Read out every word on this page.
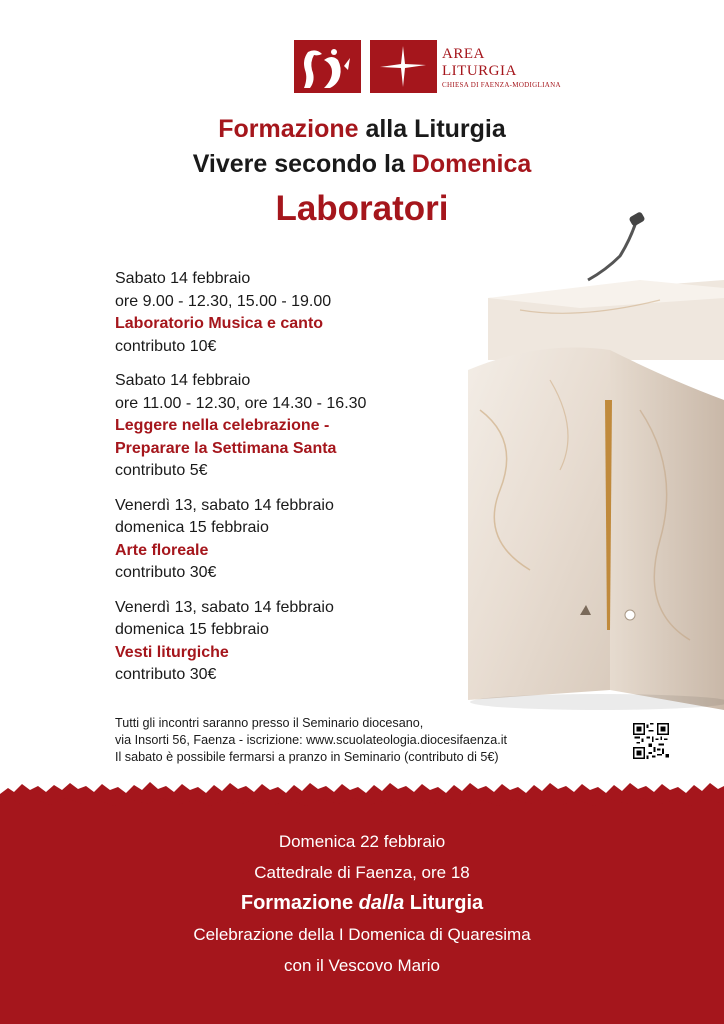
AREA
LITURGIA
CHIESA DI FAENZA-MODIGLIANA
Formazione alla Liturgia
Vivere secondo la Domenica
Laboratori
Sabato 14 febbraio
ore 9.00 - 12.30, 15.00 - 19.00
Laboratorio Musica e canto
contributo 10€
Sabato 14 febbraio
ore 11.00 - 12.30, ore 14.30 - 16.30
Leggere nella celebrazione -
Preparare la Settimana Santa
contributo 5€
Venerdì 13, sabato 14 febbraio
domenica 15 febbraio
Arte floreale
contributo 30€
Venerdì 13, sabato 14 febbraio
domenica 15 febbraio
Vesti liturgiche
contributo 30€
Tutti gli incontri saranno presso il Seminario diocesano,
via Insorti 56, Faenza - iscrizione: www.scuolateologia.diocesifaenza.it
Il sabato è possibile fermarsi a pranzo in Seminario (contributo di 5€)
Domenica 22 febbraio
Cattedrale di Faenza, ore 18
Formazione dalla Liturgia
Celebrazione della I Domenica di Quaresima
con il Vescovo Mario
